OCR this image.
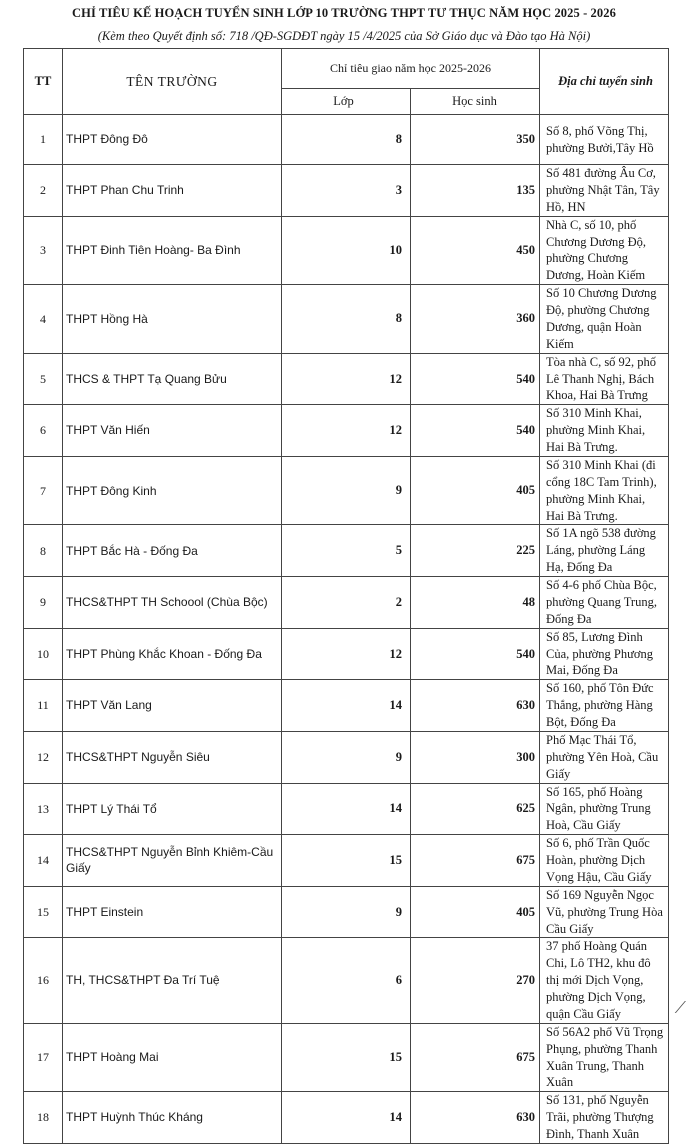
CHỈ TIÊU KẾ HOẠCH TUYỂN SINH LỚP 10 TRƯỜNG THPT TƯ THỤC NĂM HỌC 2025 - 2026
(Kèm theo Quyết định số: 718 /QĐ-SGDĐT ngày 15 /4/2025 của Sở Giáo dục và Đào tạo Hà Nội)
TT	TÊN TRƯỜNG	Chỉ tiêu giao năm học 2025-2026		Địa chỉ tuyển sinh
		Lớp	Học sinh	
1	THPT Đông Đô	8	350	Số 8, phố Võng Thị, phường Bưởi,Tây Hồ
2	THPT Phan Chu Trinh	3	135	Số 481 đường Âu Cơ, phường Nhật Tân, Tây Hồ, HN
3	THPT Đinh Tiên Hoàng- Ba Đình	10	450	Nhà C, số 10, phố Chương Dương Độ, phường Chương Dương, Hoàn Kiếm
4	THPT Hồng Hà	8	360	Số 10 Chương Dương Độ, phường Chương Dương, quận Hoàn Kiếm
5	THCS & THPT Tạ Quang Bửu	12	540	Tòa nhà C, số 92, phố Lê Thanh Nghị, Bách Khoa, Hai Bà Trưng
6	THPT Văn Hiến	12	540	Số 310 Minh Khai, phường Minh Khai, Hai Bà Trưng.
7	THPT Đông Kinh	9	405	Số 310 Minh Khai (đi cổng 18C Tam Trinh), phường Minh Khai, Hai Bà Trưng.
8	THPT Bắc Hà - Đống Đa	5	225	Số 1A ngõ 538 đường Láng, phường Láng Hạ, Đống Đa
9	THCS&THPT TH Schoool (Chùa Bộc)	2	48	Số 4-6 phố Chùa Bộc, phường Quang Trung, Đống Đa
10	THPT Phùng Khắc Khoan - Đống Đa	12	540	Số 85, Lương Đình Của, phường Phương Mai, Đống Đa
11	THPT Văn Lang	14	630	Số 160, phố Tôn Đức Thắng, phường Hàng Bột, Đống Đa
12	THCS&THPT Nguyễn Siêu	9	300	Phố Mạc Thái Tổ, phường Yên Hoà, Cầu Giấy
13	THPT Lý Thái Tổ	14	625	Số 165, phố Hoàng Ngân, phường Trung Hoà, Cầu Giấy
14	THCS&THPT Nguyễn Bỉnh Khiêm-Cầu Giấy	15	675	Số 6, phố Trần Quốc Hoàn, phường Dịch Vọng Hậu, Cầu Giấy
15	THPT Einstein	9	405	Số 169 Nguyễn Ngọc Vũ, phường Trung Hòa Cầu Giấy
16	TH, THCS&THPT Đa Trí Tuệ	6	270	37 phố Hoàng Quán Chi, Lô TH2, khu đô thị mới Dịch Vọng, phường Dịch Vọng, quận Cầu Giấy
17	THPT Hoàng Mai	15	675	Số 56A2 phố Vũ Trọng Phụng, phường Thanh Xuân Trung, Thanh Xuân
18	THPT Huỳnh Thúc Kháng	14	630	Số 131, phố Nguyễn Trãi, phường Thượng Đình, Thanh Xuân
⟋
